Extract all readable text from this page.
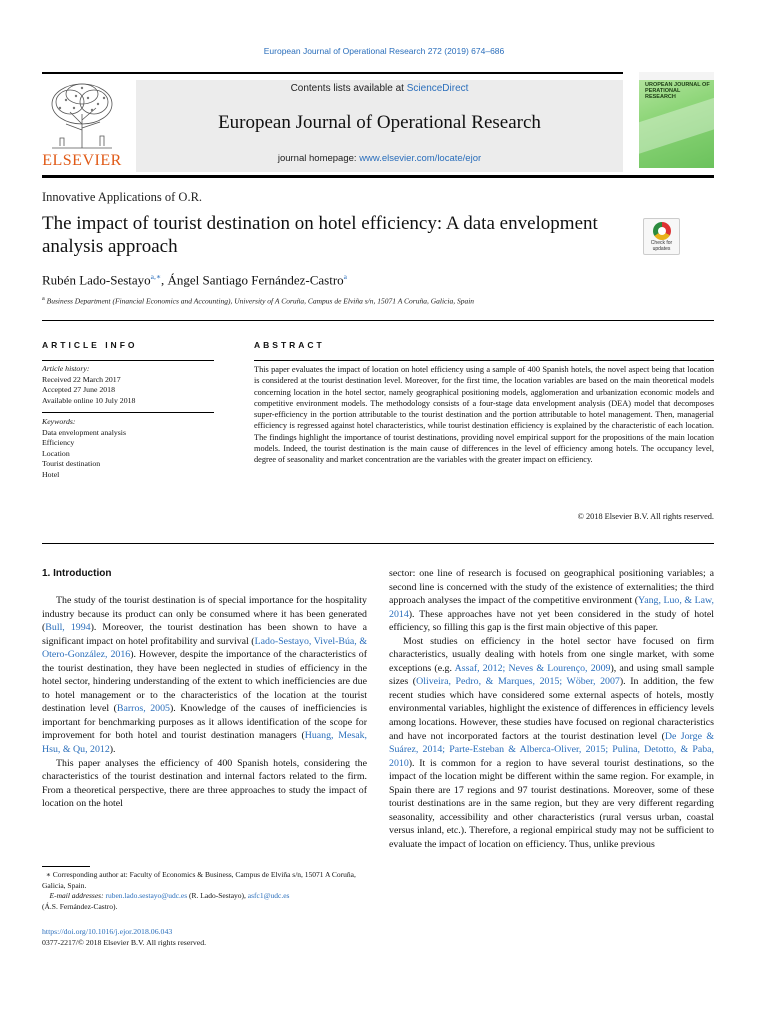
European Journal of Operational Research 272 (2019) 674–686
ELSEVIER
Contents lists available at ScienceDirect
European Journal of Operational Research
journal homepage: www.elsevier.com/locate/ejor
UROPEAN JOURNAL OF
PERATIONAL RESEARCH
Innovative Applications of O.R.
The impact of tourist destination on hotel efficiency: A data envelopment analysis approach	Check for
updates
Rubén Lado-Sestayo$^{a,∗}$, Ángel Santiago Fernández-Castro$^a$
$^a$ Business Department (Financial Economics and Accounting), University of A Coruña, Campus de Elviña s/n, 15071 A Coruña, Galicia, Spain
ARTICLE INFO	ABSTRACT
Article history:
Received 22 March 2017
Accepted 27 June 2018
Available online 10 July 2018
Keywords:
Data envelopment analysis
Efficiency
Location
Tourist destination
Hotel
This paper evaluates the impact of location on hotel efficiency using a sample of 400 Spanish hotels, the novel aspect being that location is considered at the tourist destination level. Moreover, for the first time, the location variables are based on the main theoretical models concerning location in the hotel sector, namely geographical positioning models, agglomeration and urbanization economic models and competitive environment models. The methodology consists of a four-stage data envelopment analysis (DEA) model that decomposes super-efficiency in the portion attributable to the tourist destination and the portion attributable to hotel management. Then, managerial efficiency is regressed against hotel characteristics, while tourist destination efficiency is explained by the characteristic of each location. The findings highlight the importance of tourist destinations, providing novel empirical support for the propositions of the main location models. Indeed, the tourist destination is the main cause of differences in the level of efficiency among hotels. The occupancy level, degree of seasonality and market concentration are the variables with the greater impact on efficiency.
© 2018 Elsevier B.V. All rights reserved.
1. Introduction

The study of the tourist destination is of special importance for the hospitality industry because its product can only be consumed where it has been generated (Bull, 1994). Moreover, the tourist destination has been shown to have a significant impact on hotel profitability and survival (Lado-Sestayo, Vivel-Búa, & Otero-González, 2016). However, despite the importance of the characteristics of the tourist destination, they have been neglected in studies of efficiency in the hotel sector, hindering understanding of the extent to which inefficiencies are due to hotel management or to the characteristics of the location at the tourist destination level (Barros, 2005). Knowledge of the causes of inefficiencies is important for benchmarking purposes as it allows identification of the scope for improvement for both hotel and tourist destination managers (Huang, Mesak, Hsu, & Qu, 2012).

This paper analyses the efficiency of 400 Spanish hotels, considering the characteristics of the tourist destination and internal factors related to the firm. From a theoretical perspective, there are three approaches to study the impact of location on the hotel

sector: one line of research is focused on geographical positioning variables; a second line is concerned with the study of the existence of externalities; the third approach analyses the impact of the competitive environment (Yang, Luo, & Law, 2014). These approaches have not yet been considered in the study of hotel efficiency, so filling this gap is the first main objective of this paper.

Most studies on efficiency in the hotel sector have focused on firm characteristics, usually dealing with hotels from one single market, with some exceptions (e.g. Assaf, 2012; Neves & Lourenço, 2009), and using small sample sizes (Oliveira, Pedro, & Marques, 2015; Wöber, 2007). In addition, the few recent studies which have considered some external aspects of hotels, mostly environmental variables, highlight the existence of differences in efficiency levels among locations. However, these studies have focused on regional characteristics and have not incorporated factors at the tourist destination level (De Jorge & Suárez, 2014; Parte-Esteban & Alberca-Oliver, 2015; Pulina, Detotto, & Paba, 2010). It is common for a region to have several tourist destinations, so the impact of the location might be different within the same region. For example, in Spain there are 17 regions and 97 tourist destinations. Moreover, some of these tourist destinations are in the same region, but they are very different regarding seasonality, accessibility and other characteristics (rural versus urban, coastal versus inland, etc.). Therefore, a regional empirical study may not be sufficient to evaluate the impact of location on efficiency. Thus, unlike previous

∗ Corresponding author at: Faculty of Economics & Business, Campus de Elviña s/n, 15071 A Coruña, Galicia, Spain.
E-mail addresses: ruben.lado.sestayo@udc.es (R. Lado-Sestayo), asfc1@udc.es
(Á.S. Fernández-Castro).
https://doi.org/10.1016/j.ejor.2018.06.043
0377-2217/© 2018 Elsevier B.V. All rights reserved.
